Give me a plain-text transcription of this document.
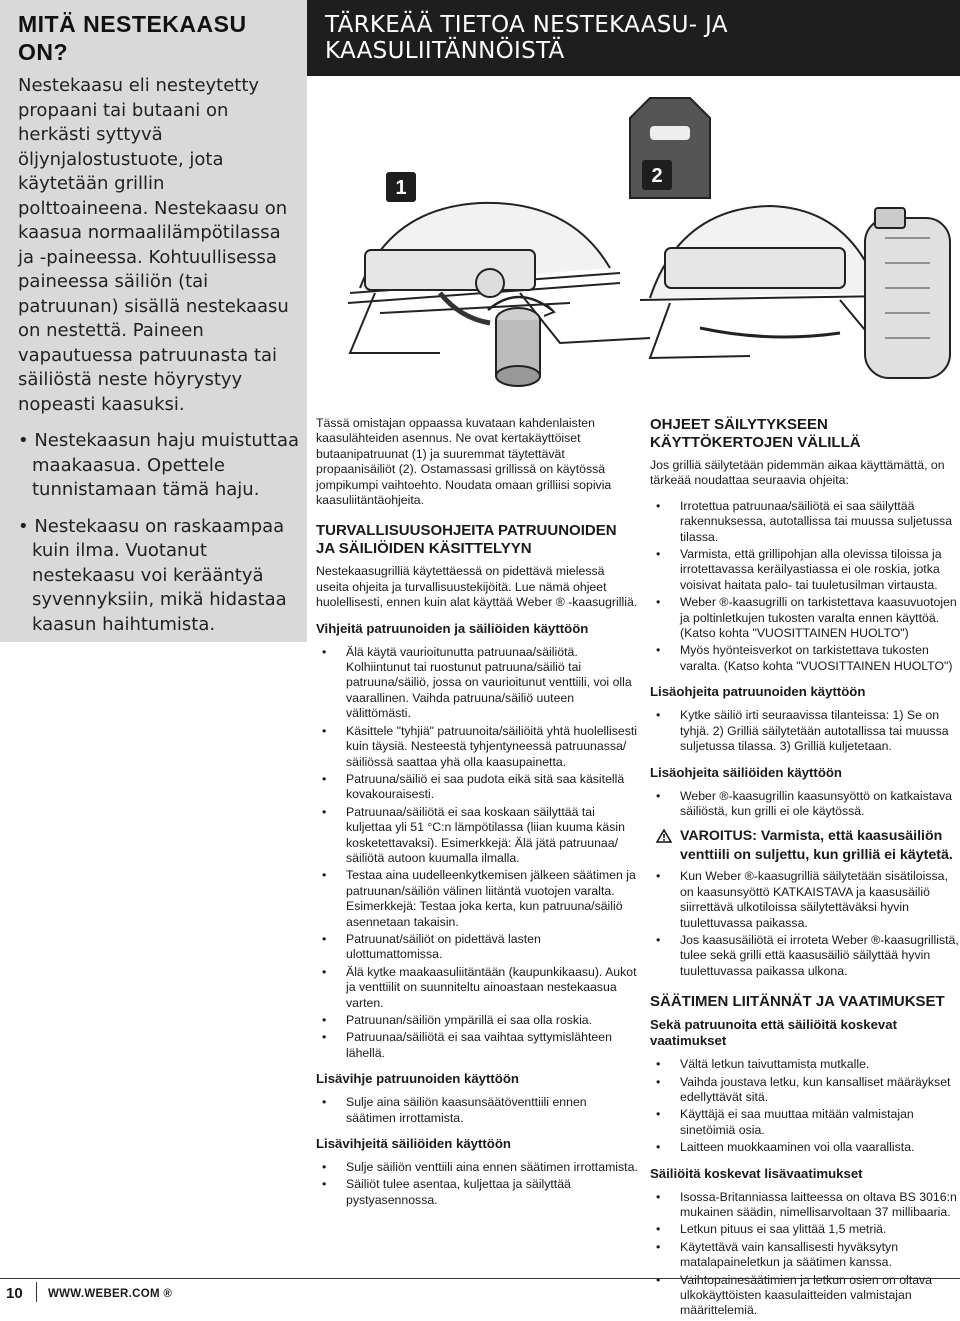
MITÄ NESTEKAASU ON?
Nestekaasu eli nesteytetty propaani tai butaani on herkästi syttyvä öljynjalostustuote, jota käytetään grillin polttoaineena. Nestekaasu on kaasua normaalilämpötilassa ja -paineessa. Kohtuullisessa paineessa säiliön (tai patruunan) sisällä nestekaasu on nestettä. Paineen vapautuessa patruunasta tai säiliöstä neste höyrystyy nopeasti kaasuksi.
• Nestekaasun haju muistuttaa maakaasua. Opettele tunnistamaan tämä haju.
• Nestekaasu on raskaampaa kuin ilma. Vuotanut nestekaasu voi kerääntyä syvennyksiin, mikä hidastaa kaasun haihtumista.
TÄRKEÄÄ TIETOA NESTEKAASU- JA KAASULIITÄNNÖISTÄ
1
2

Tässä omistajan oppaassa kuvataan kahdenlaisten kaasulähteiden asennus. Ne ovat kertakäyttöiset butaanipatruunat (1) ja suuremmat täytettävät propaanisäiliöt (2). Ostamassasi grillissä on käytössä jompikumpi vaihtoehto. Noudata omaan grilliisi sopivia kaasuliitäntäohjeita.

TURVALLISUUSOHJEITA PATRUUNOIDEN JA SÄILIÖIDEN KÄSITTELYYN

Nestekaasugrilliä käytettäessä on pidettävä mielessä useita ohjeita ja turvallisuustekijöitä. Lue nämä ohjeet huolellisesti, ennen kuin alat käyttää Weber ® -kaasugrilliä.

Vihjeitä patruunoiden ja säiliöiden käyttöön
• Älä käytä vaurioitunutta patruunaa/säiliötä. Kolhiintunut tai ruostunut patruuna/säiliö tai patruuna/säiliö, jossa on vaurioitunut venttiili, voi olla vaarallinen. Vaihda patruuna/säiliö uuteen välittömästi.
• Käsittele "tyhjiä" patruunoita/säiliöitä yhtä huolellisesti kuin täysiä. Nesteestä tyhjentyneessä patruunassa/ säiliössä saattaa yhä olla kaasupainetta.
• Patruuna/säiliö ei saa pudota eikä sitä saa käsitellä kovakouraisesti.
• Patruunaa/säiliötä ei saa koskaan säilyttää tai kuljettaa yli 51 °C:n lämpötilassa (liian kuuma käsin kosketettavaksi). Esimerkkejä: Älä jätä patruunaa/ säiliötä autoon kuumalla ilmalla.
• Testaa aina uudelleenkytkemisen jälkeen säätimen ja patruunan/säiliön välinen liitäntä vuotojen varalta. Esimerkkejä: Testaa joka kerta, kun patruuna/säiliö asennetaan takaisin.
• Patruunat/säiliöt on pidettävä lasten ulottumattomissa.
• Älä kytke maakaasuliitäntään (kaupunkikaasu). Aukot ja venttiilit on suunniteltu ainoastaan nestekaasua varten.
• Patruunan/säiliön ympärillä ei saa olla roskia.
• Patruunaa/säiliötä ei saa vaihtaa syttymislähteen lähellä.
Lisävihje patruunoiden käyttöön
• Sulje aina säiliön kaasunsäätöventtiili ennen säätimen irrottamista.
Lisävihjeitä säiliöiden käyttöön
• Sulje säiliön venttiili aina ennen säätimen irrottamista.
• Säiliöt tulee asentaa, kuljettaa ja säilyttää pystyasennossa.
OHJEET SÄILYTYKSEEN KÄYTTÖKERTOJEN VÄLILLÄ

Jos grilliä säilytetään pidemmän aikaa käyttämättä, on tärkeää noudattaa seuraavia ohjeita:

• Irrotettua patruunaa/säiliötä ei saa säilyttää rakennuksessa, autotallissa tai muussa suljetussa tilassa.
• Varmista, että grillipohjan alla olevissa tiloissa ja irrotettavassa keräilyastiassa ei ole roskia, jotka voisivat haitata palo- tai tuuletusilman virtausta.
• Weber ®-kaasugrilli on tarkistettava kaasuvuotojen ja poltinletkujen tukosten varalta ennen käyttöä. (Katso kohta "VUOSITTAINEN HUOLTO")
• Myös hyönteisverkot on tarkistettava tukosten varalta. (Katso kohta "VUOSITTAINEN HUOLTO")
Lisäohjeita patruunoiden käyttöön
• Kytke säiliö irti seuraavissa tilanteissa: 1) Se on tyhjä. 2) Grilliä säilytetään autotallissa tai muussa suljetussa tilassa. 3) Grilliä kuljetetaan.
Lisäohjeita säiliöiden käyttöön
• Weber ®-kaasugrillin kaasunsyöttö on katkaistava säiliöstä, kun grilli ei ole käytössä.
VAROITUS: Varmista, että kaasusäiliön venttiili on suljettu, kun grilliä ei käytetä.
• Kun Weber ®-kaasugrilliä säilytetään sisätiloissa, on kaasunsyöttö KATKAISTAVA ja kaasusäiliö siirrettävä ulkotiloissa säilytettäväksi hyvin tuulettuvassa paikassa.
• Jos kaasusäiliötä ei irroteta Weber ®-kaasugrillistä, tulee sekä grilli että kaasusäiliö säilyttää hyvin tuulettuvassa paikassa ulkona.
SÄÄTIMEN LIITÄNNÄT JA VAATIMUKSET
Sekä patruunoita että säiliöitä koskevat vaatimukset
• Vältä letkun taivuttamista mutkalle.
• Vaihda joustava letku, kun kansalliset määräykset edellyttävät sitä.
• Käyttäjä ei saa muuttaa mitään valmistajan sinetöimiä osia.
• Laitteen muokkaaminen voi olla vaarallista.
Säiliöitä koskevat lisävaatimukset
• Isossa-Britanniassa laitteessa on oltava BS 3016:n mukainen säädin, nimellisarvoltaan 37 millibaaria.
• Letkun pituus ei saa ylittää 1,5 metriä.
• Käytettävä vain kansallisesti hyväksytyn matalapaineletkun ja säätimen kanssa.
• Vaihtopainesäätimien ja letkun osien on oltava ulkokäyttöisten kaasulaitteiden valmistajan määrittelemiä.
10 WWW.WEBER.COM ®
